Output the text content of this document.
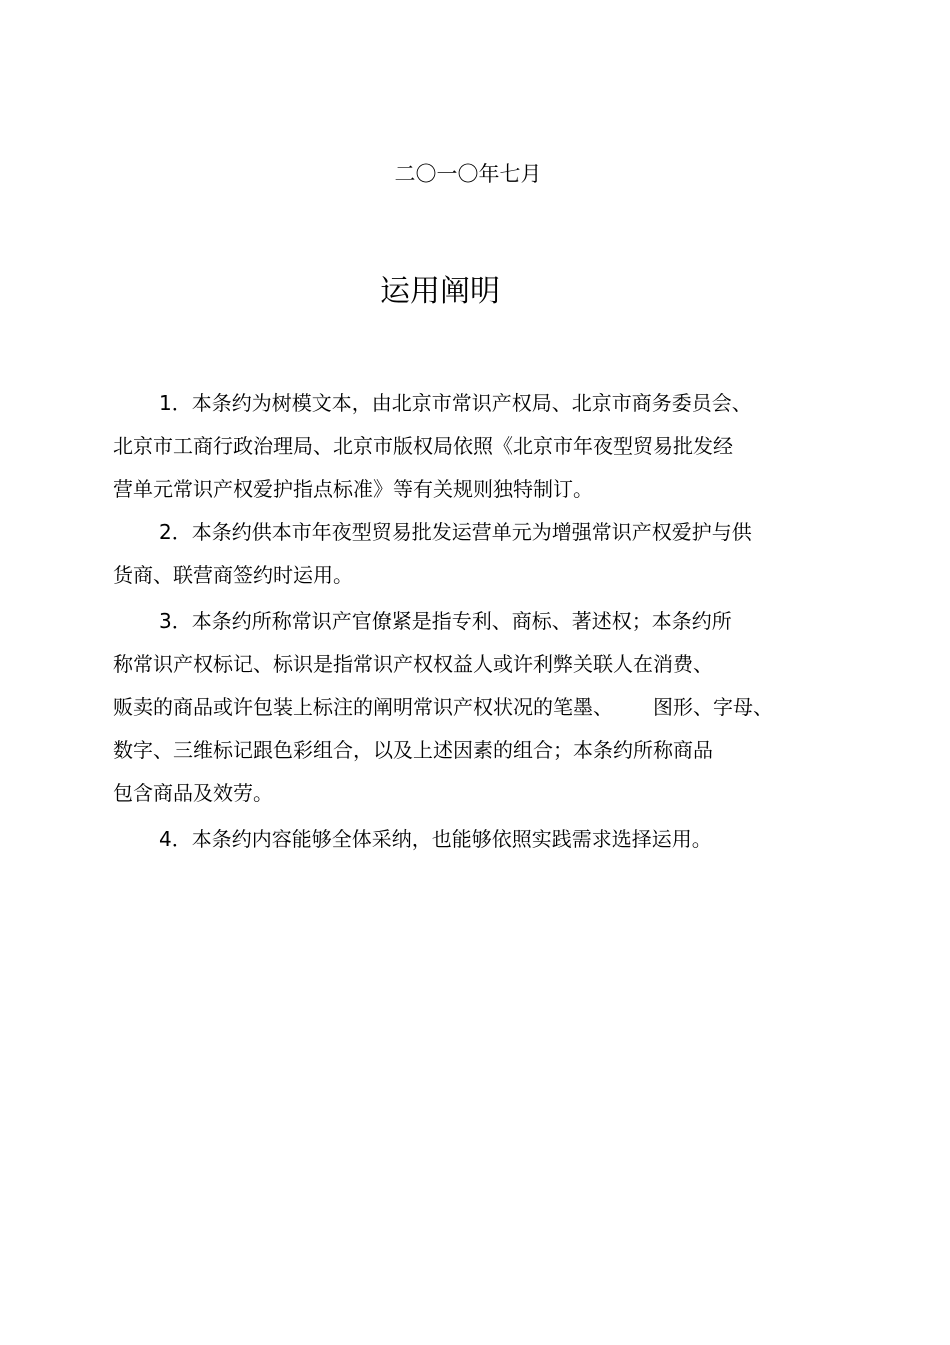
二〇一〇年七月
运用阐明
1．本条约为树模文本，由北京市常识产权局、北京市商务委员会、
北京市工商行政治理局、北京市版权局依照《北京市年夜型贸易批发经
营单元常识产权爱护指点标准》等有关规则独特制订。
2．本条约供本市年夜型贸易批发运营单元为增强常识产权爱护与供
货商、联营商签约时运用。
3．本条约所称常识产官僚紧是指专利、商标、著述权；本条约所
称常识产权标记、标识是指常识产权权益人或许利弊关联人在消费、
贩卖的商品或许包装上标注的阐明常识产权状况的笔墨、 图形、字母、
数字、三维标记跟色彩组合，以及上述因素的组合；本条约所称商品
包含商品及效劳。
4．本条约内容能够全体采纳，也能够依照实践需求选择运用。
